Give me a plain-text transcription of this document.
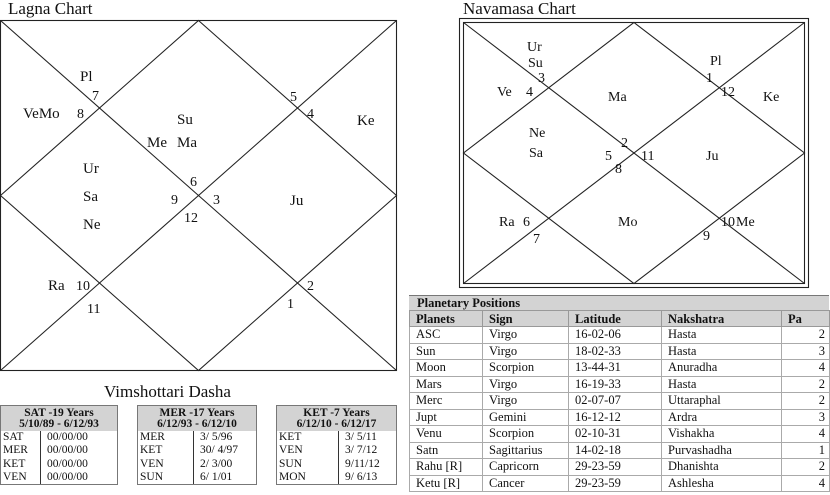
Lagna Chart
7
8
5
4
6
9	3
12
10
11
2
1
Pl
VeMo	Su
Me Ma
Ke
Ur
Sa
Ne
Ju
Ra
Navamasa Chart
3
4
1
12
2
5 11
8
6
7	9
10
Ur
Su
Ve
Pl
Ma	Ke
Ne
Sa	Ju
Ra	Mo	Me
Vimshottari Dasha
SAT -19 Years
5/10/89 - 6/12/93
SAT	00/00/00
MER	00/00/00
KET	00/00/00
VEN	00/00/00
MER -17 Years
6/12/93 - 6/12/10
MER	3/ 5/96
KET	30/ 4/97
VEN	2/ 3/00
SUN	6/ 1/01
KET -7 Years
6/12/10 - 6/12/17
KET	3/ 5/11
VEN	3/ 7/12
SUN	9/11/12
MON	9/ 6/13
Planetary Positions
Planets	Sign	Latitude	Nakshatra	Pa
ASC	Virgo	16-02-06	Hasta	2
Sun	Virgo	18-02-33	Hasta	3
Moon	Scorpion	13-44-31	Anuradha	4
Mars	Virgo	16-19-33	Hasta	2
Merc	Virgo	02-07-07	Uttaraphal	2
Jupt	Gemini	16-12-12	Ardra	3
Venu	Scorpion	02-10-31	Vishakha	4
Satn	Sagittarius	14-02-18	Purvashadha	1
Rahu [R]	Capricorn	29-23-59	Dhanishta	2
Ketu [R]	Cancer	29-23-59	Ashlesha	4
